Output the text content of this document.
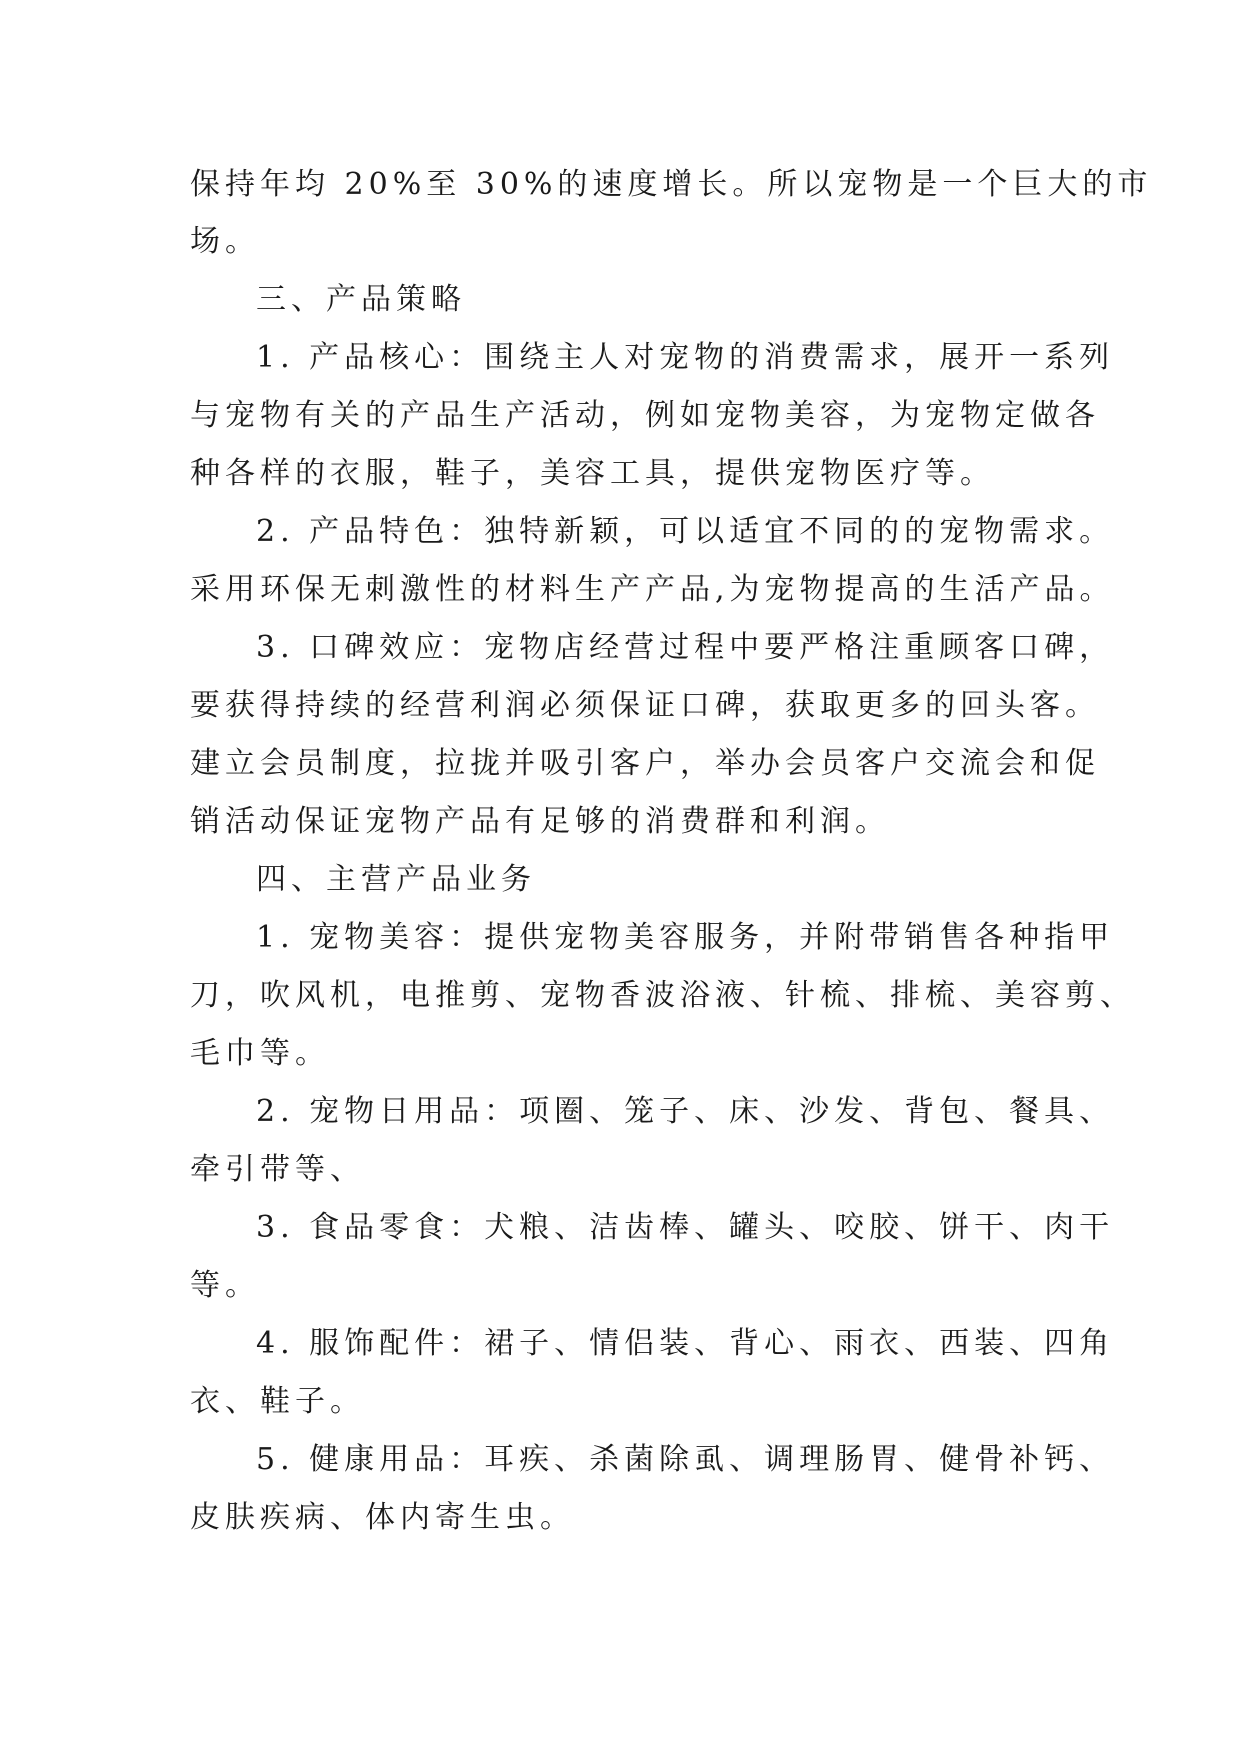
保持年均 20%至 30%的速度增长。所以宠物是一个巨大的市

场。

三、产品策略

1. 产品核心：围绕主人对宠物的消费需求，展开一系列

与宠物有关的产品生产活动，例如宠物美容，为宠物定做各

种各样的衣服，鞋子，美容工具，提供宠物医疗等。

2. 产品特色：独特新颖，可以适宜不同的的宠物需求。

采用环保无刺激性的材料生产产品,为宠物提高的生活产品。

3. 口碑效应：宠物店经营过程中要严格注重顾客口碑，

要获得持续的经营利润必须保证口碑，获取更多的回头客。

建立会员制度，拉拢并吸引客户，举办会员客户交流会和促

销活动保证宠物产品有足够的消费群和利润。

四、主营产品业务

1. 宠物美容：提供宠物美容服务，并附带销售各种指甲

刀，吹风机，电推剪、宠物香波浴液、针梳、排梳、美容剪、

毛巾等。

2. 宠物日用品：项圈、笼子、床、沙发、背包、餐具、

牵引带等、

3. 食品零食：犬粮、洁齿棒、罐头、咬胶、饼干、肉干

等。

4. 服饰配件：裙子、情侣装、背心、雨衣、西装、四角

衣、鞋子。

5. 健康用品：耳疾、杀菌除虱、调理肠胃、健骨补钙、

皮肤疾病、体内寄生虫。
